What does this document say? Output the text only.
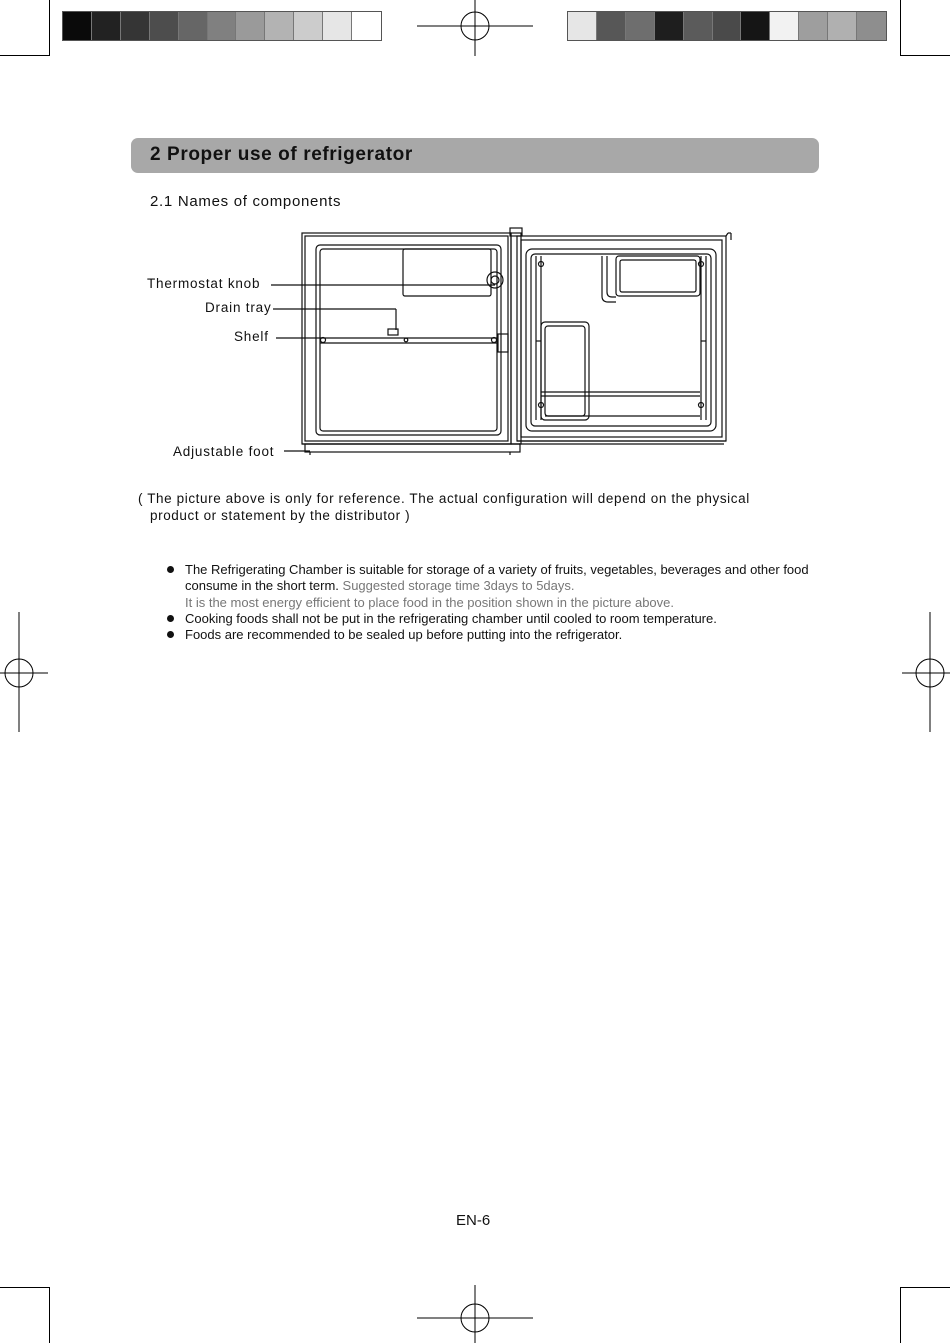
2 Proper use of refrigerator
2.1 Names of components
Thermostat knob
Drain tray
Shelf
Adjustable foot
( The picture above is only for reference. The actual configuration will depend on the physical
product or statement by the distributor )
The Refrigerating Chamber is suitable for storage of a variety of fruits, vegetables, beverages and other food consume in the short term. Suggested storage time 3days to 5days.
It is the most energy efficient to place food in the position shown in the picture above.
Cooking foods shall not be put in the refrigerating chamber until cooled to room temperature.
Foods are recommended to be sealed up before putting into the refrigerator.
EN-6
